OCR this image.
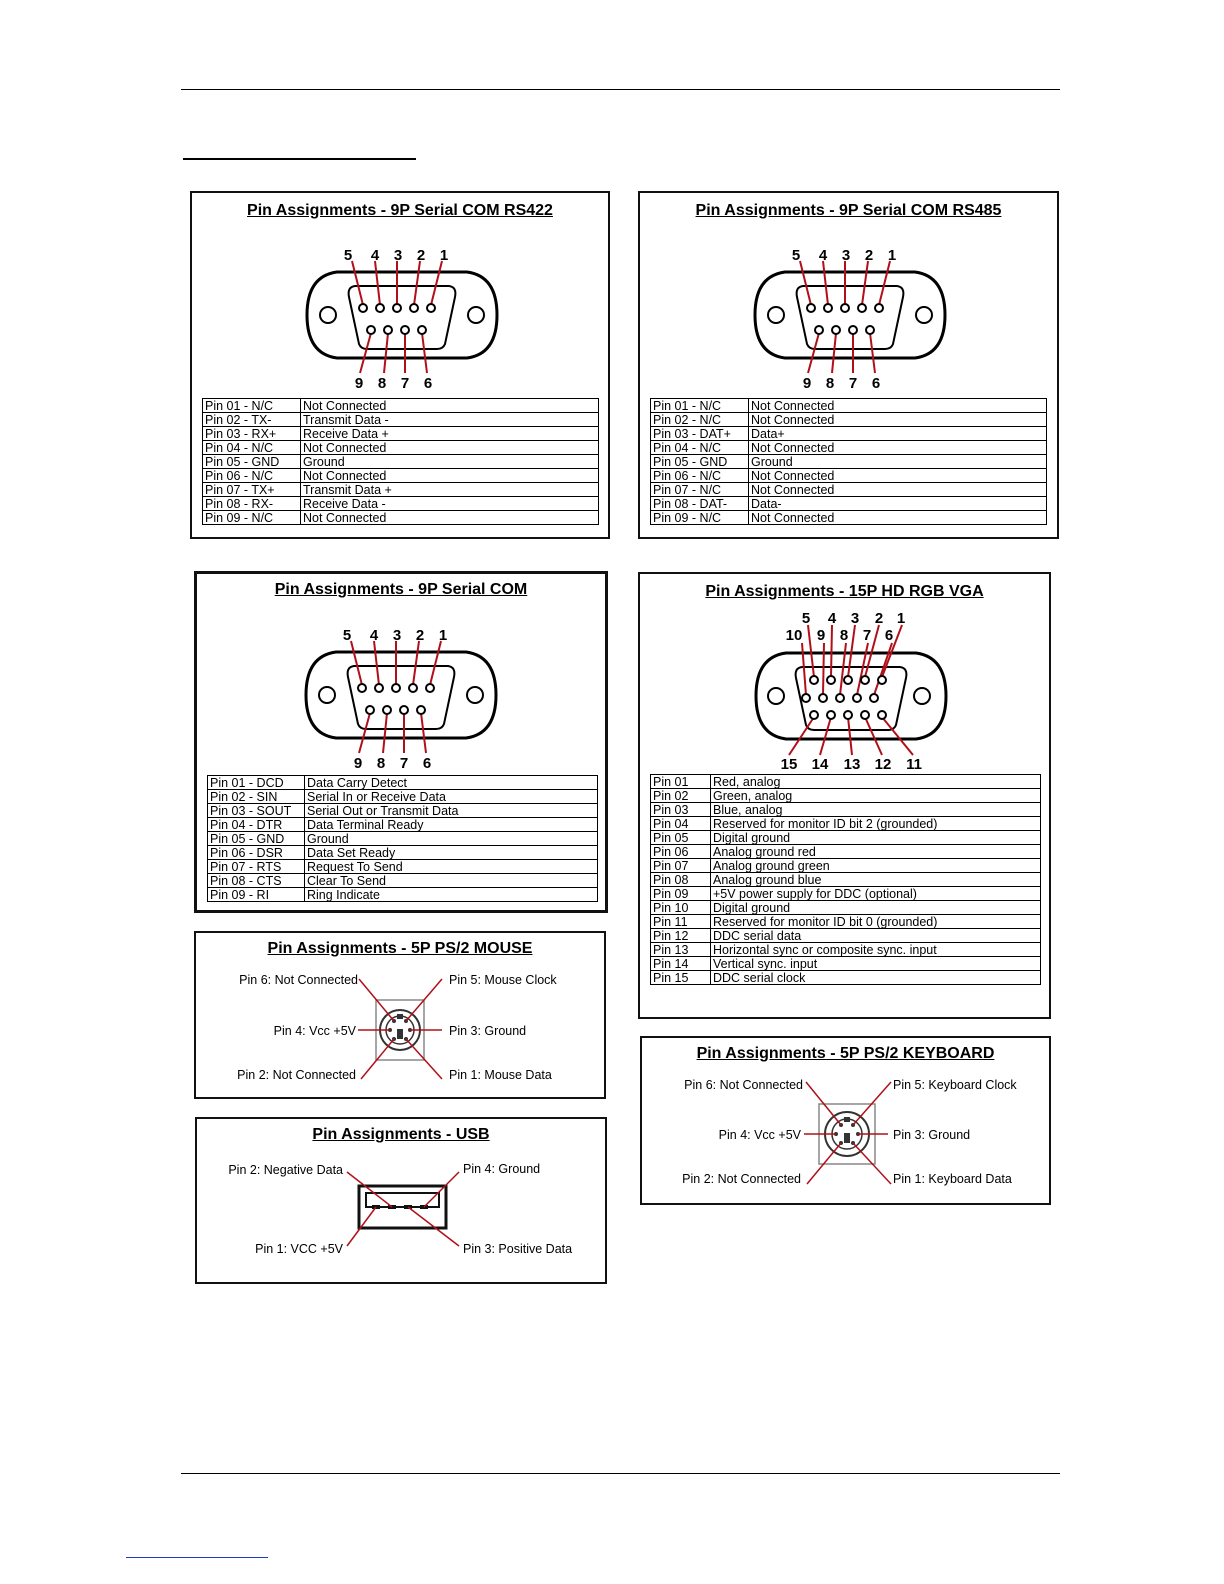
Pin Assignments - 9P Serial COM RS422
5 4 3 2 1
9 8 7 6
Pin 01 - N/C	Not Connected
Pin 02 - TX-	Transmit Data -
Pin 03 - RX+	Receive Data +
Pin 04 - N/C	Not Connected
Pin 05 - GND	Ground
Pin 06 - N/C	Not Connected
Pin 07 - TX+	Transmit Data +
Pin 08 - RX-	Receive Data -
Pin 09 - N/C	Not Connected
Pin Assignments - 9P Serial COM RS485
5 4 3 2 1
9 8 7 6
Pin 01 - N/C	Not Connected
Pin 02 - N/C	Not Connected
Pin 03 - DAT+	Data+
Pin 04 - N/C	Not Connected
Pin 05 - GND	Ground
Pin 06 - N/C	Not Connected
Pin 07 - N/C	Not Connected
Pin 08 - DAT-	Data-
Pin 09 - N/C	Not Connected
Pin Assignments - 9P Serial COM
5 4 3 2 1
9 8 7 6
Pin 01 - DCD	Data Carry Detect
Pin 02 - SIN	Serial In or Receive Data
Pin 03 - SOUT	Serial Out or Transmit Data
Pin 04 - DTR	Data Terminal Ready
Pin 05 - GND	Ground
Pin 06 - DSR	Data Set Ready
Pin 07 - RTS	Request To Send
Pin 08 - CTS	Clear To Send
Pin 09 - RI	Ring Indicate
Pin Assignments - 15P HD RGB VGA
5 4 3 2 1
10 9 8 7 6
15 14 13 12 11
Pin 01	Red, analog
Pin 02	Green, analog
Pin 03	Blue, analog
Pin 04	Reserved for monitor ID bit 2 (grounded)
Pin 05	Digital ground
Pin 06	Analog ground red
Pin 07	Analog ground green
Pin 08	Analog ground blue
Pin 09	+5V power supply for DDC (optional)
Pin 10	Digital ground
Pin 11	Reserved for monitor ID bit 0 (grounded)
Pin 12	DDC serial data
Pin 13	Horizontal sync or composite sync. input
Pin 14	Vertical sync. input
Pin 15	DDC serial clock
Pin Assignments - 5P PS/2 MOUSE
Pin 6: Not Connected	Pin 5: Mouse Clock
Pin 4: Vcc +5V	Pin 3: Ground
Pin 2: Not Connected	Pin 1: Mouse Data
Pin Assignments - 5P PS/2 KEYBOARD
Pin 6: Not Connected	Pin 5: Keyboard Clock
Pin 4: Vcc +5V	Pin 3: Ground
Pin 2: Not Connected	Pin 1: Keyboard Data
Pin Assignments - USB
Pin 2: Negative Data	Pin 4: Ground
Pin 1: VCC +5V	Pin 3: Positive Data
